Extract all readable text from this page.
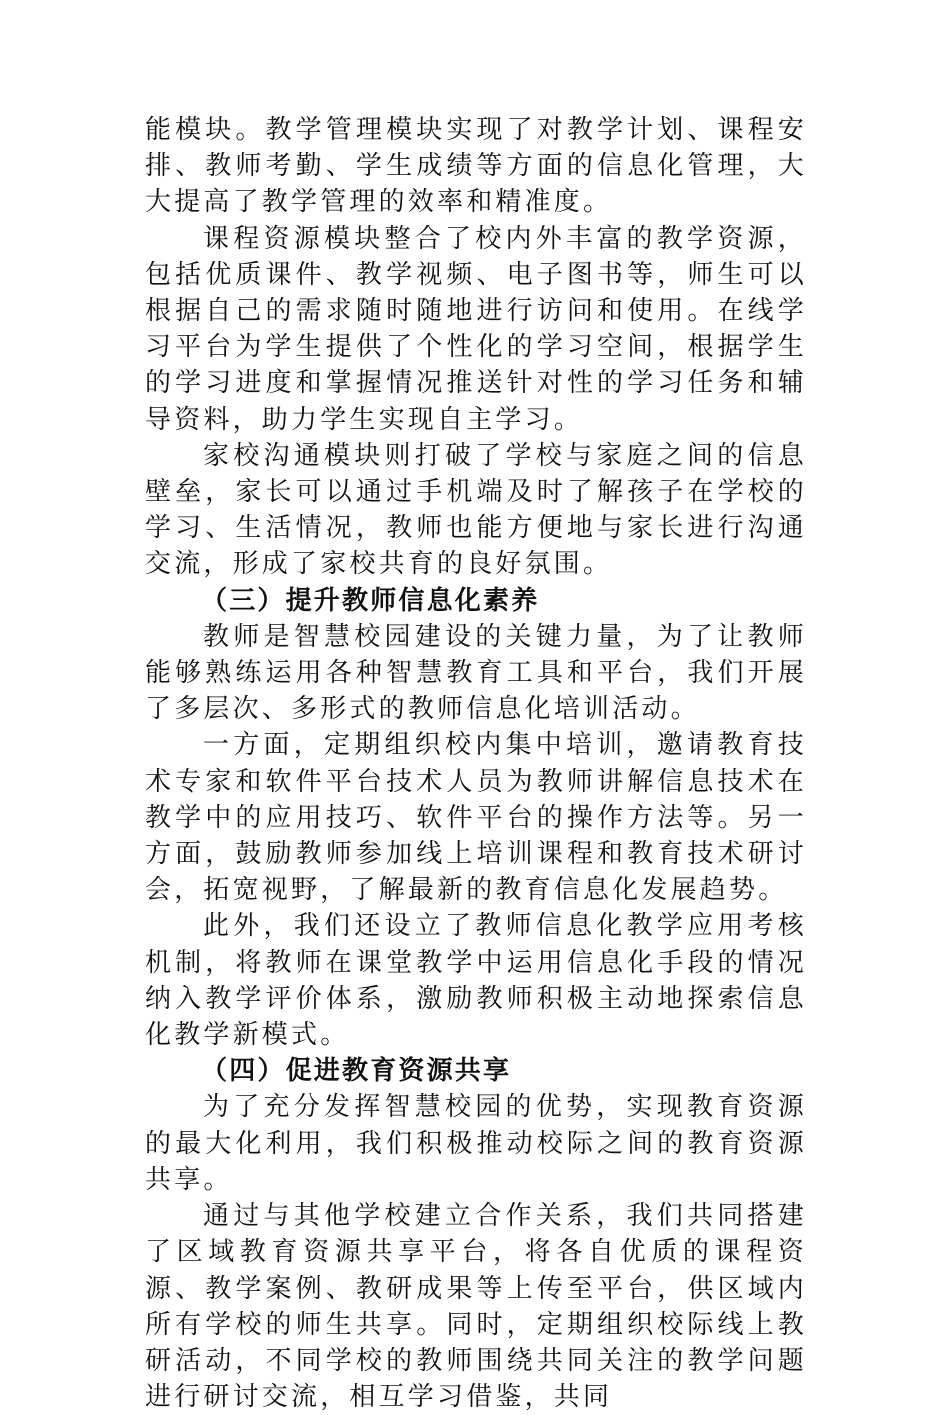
能模块。教学管理模块实现了对教学计划、课程安排、教师考勤、学生成绩等方面的信息化管理，大大提高了教学管理的效率和精准度。

课程资源模块整合了校内外丰富的教学资源，包括优质课件、教学视频、电子图书等，师生可以根据自己的需求随时随地进行访问和使用。在线学习平台为学生提供了个性化的学习空间，根据学生的学习进度和掌握情况推送针对性的学习任务和辅导资料，助力学生实现自主学习。

家校沟通模块则打破了学校与家庭之间的信息壁垒，家长可以通过手机端及时了解孩子在学校的学习、生活情况，教师也能方便地与家长进行沟通交流，形成了家校共育的良好氛围。

（三）提升教师信息化素养

教师是智慧校园建设的关键力量，为了让教师能够熟练运用各种智慧教育工具和平台，我们开展了多层次、多形式的教师信息化培训活动。

一方面，定期组织校内集中培训，邀请教育技术专家和软件平台技术人员为教师讲解信息技术在教学中的应用技巧、软件平台的操作方法等。另一方面，鼓励教师参加线上培训课程和教育技术研讨会，拓宽视野，了解最新的教育信息化发展趋势。

此外，我们还设立了教师信息化教学应用考核机制，将教师在课堂教学中运用信息化手段的情况纳入教学评价体系，激励教师积极主动地探索信息化教学新模式。

（四）促进教育资源共享

为了充分发挥智慧校园的优势，实现教育资源的最大化利用，我们积极推动校际之间的教育资源共享。

通过与其他学校建立合作关系，我们共同搭建了区域教育资源共享平台，将各自优质的课程资源、教学案例、教研成果等上传至平台，供区域内所有学校的师生共享。同时，定期组织校际线上教研活动，不同学校的教师围绕共同关注的教学问题进行研讨交流，相互学习借鉴，共同
